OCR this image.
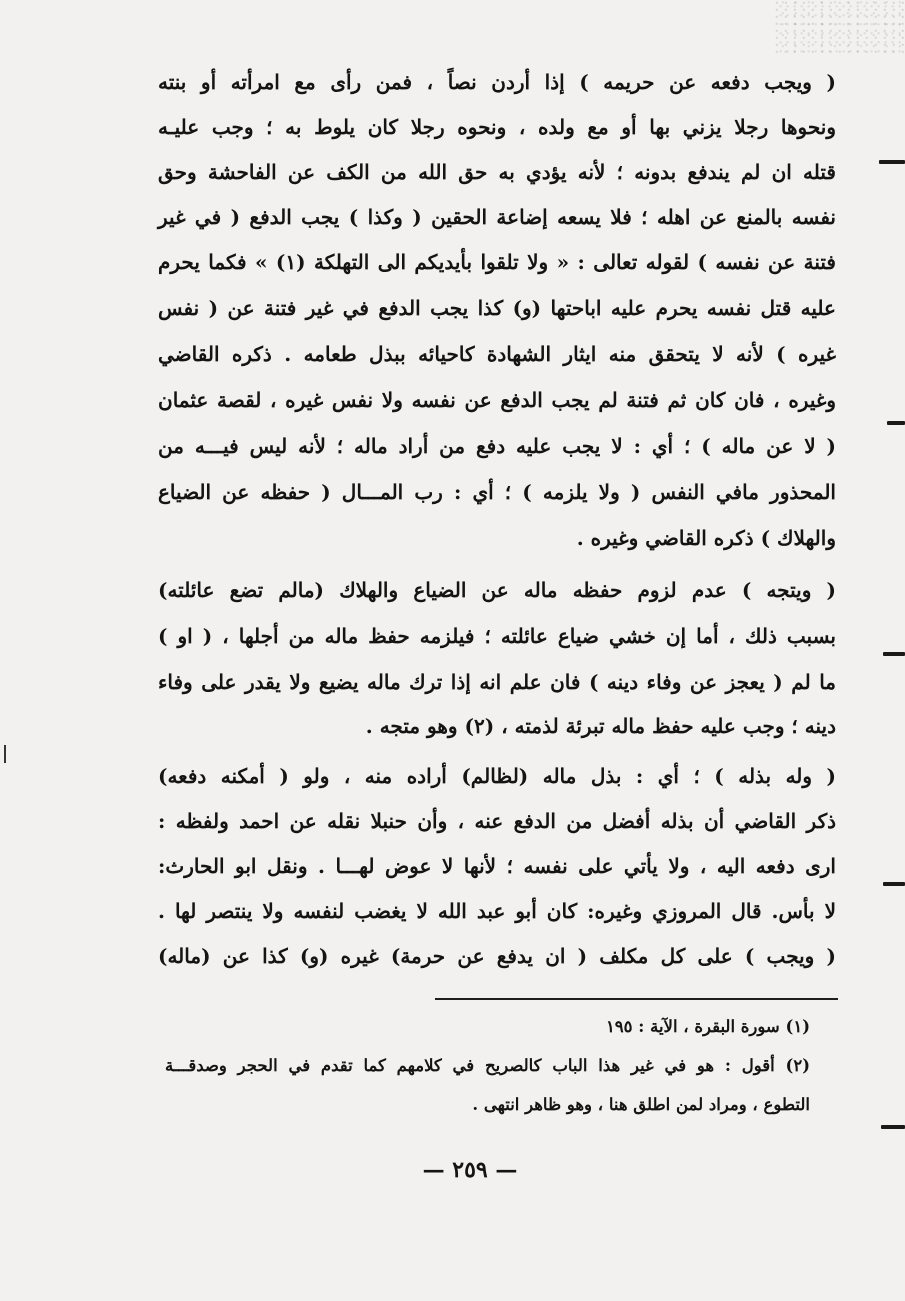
( ويجب دفعه عن حريمه ) إذا أردن نصاً ، فمن رأى مع امرأته أو بنته
ونحوها رجلا يزني بها أو مع ولده ، ونحوه رجلا كان يلوط به ؛ وجب عليـه
قتله ان لم يندفع بدونه ؛ لأنه يؤدي به حق الله من الكف عن الفاحشة وحق
نفسه بالمنع عن اهله ؛ فلا يسعه إضاعة الحقين ( وكذا ) يجب الدفع ( في غير
فتنة عن نفسه ) لقوله تعالى : « ولا تلقوا بأيديكم الى التهلكة (١) » فكما يحرم
عليه قتل نفسه يحرم عليه اباحتها (و) كذا يجب الدفع في غير فتنة عن ( نفس
غيره ) لأنه لا يتحقق منه ايثار الشهادة كاحيائه ببذل طعامه . ذكره القاضي
وغيره ، فان كان ثم فتنة لم يجب الدفع عن نفسه ولا نفس غيره ، لقصة عثمان
( لا عن ماله ) ؛ أي : لا يجب عليه دفع من أراد ماله ؛ لأنه ليس فيـــه من
المحذور مافي النفس ( ولا يلزمه ) ؛ أي : رب المـــال ( حفظه عن الضياع
والهلاك ) ذكره القاضي وغيره .
( ويتجه ) عدم لزوم حفظه ماله عن الضياع والهلاك (مالم تضع عائلته)
بسبب ذلك ، أما إن خشي ضياع عائلته ؛ فيلزمه حفظ ماله من أجلها ، ( او )
ما لم ( يعجز عن وفاء دينه ) فان علم انه إذا ترك ماله يضيع ولا يقدر على وفاء
دينه ؛ وجب عليه حفظ ماله تبرئة لذمته ، (٢) وهو متجه .
( وله بذله ) ؛ أي : بذل ماله (لظالم) أراده منه ، ولو ( أمكنه دفعه)
ذكر القاضي أن بذله أفضل من الدفع عنه ، وأن حنبلا نقله عن احمد ولفظه :
اری دفعه اليه ، ولا يأتي على نفسه ؛ لأنها لا عوض لهـــا . ونقل ابو الحارث:
لا بأس. قال المروزي وغيره: كان أبو عبد الله لا يغضب لنفسه ولا ينتصر لها .
( ويجب ) على كل مكلف ( ان يدفع عن حرمة) غيره (و) كذا عن (ماله)
(١) سورة البقرة ، الآية : ١٩٥
(٢) أقول : هو في غير هذا الباب كالصريح في كلامهم كما تقدم في الحجر وصدقـــة
التطوع ، ومراد لمن اطلق هنا ، وهو ظاهر انتهى .
— ٢٥٩ —
